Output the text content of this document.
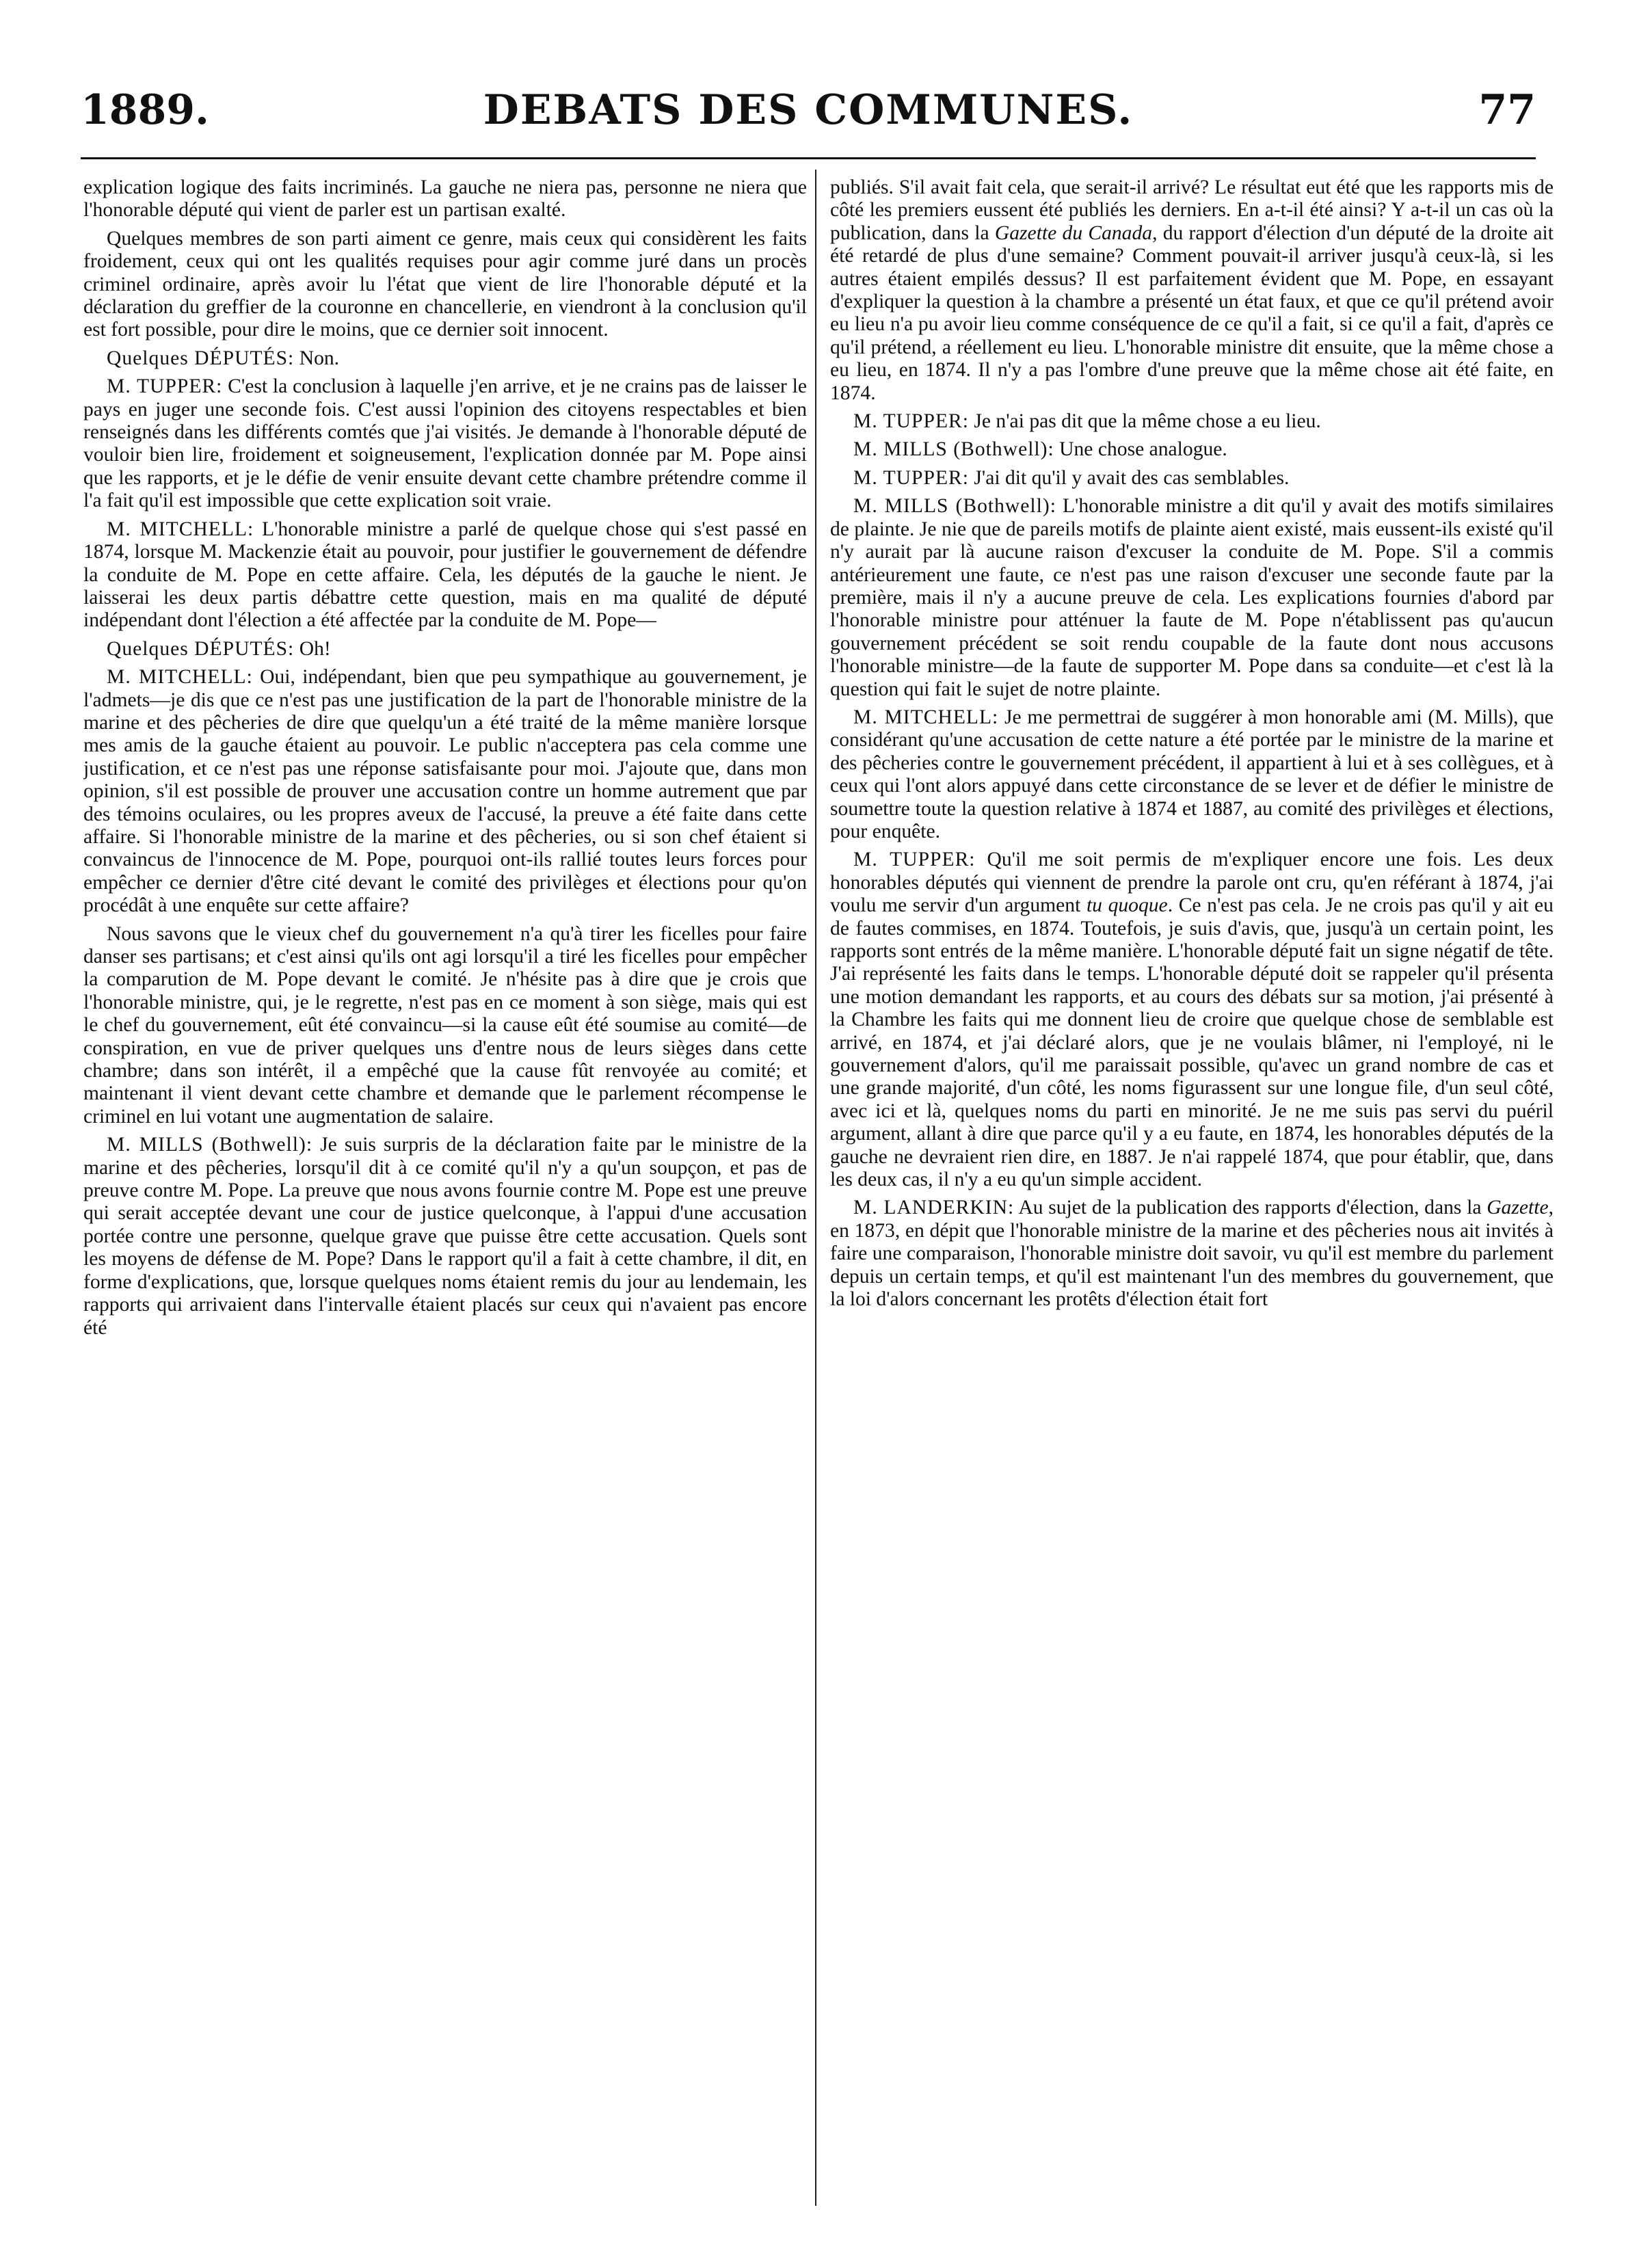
1889.	DEBATS DES COMMUNES.	77

explication logique des faits incriminés. La gauche ne niera pas, personne ne niera que l'honorable député qui vient de parler est un partisan exalté.

Quelques membres de son parti aiment ce genre, mais ceux qui considèrent les faits froidement, ceux qui ont les qualités requises pour agir comme juré dans un procès criminel ordinaire, après avoir lu l'état que vient de lire l'honorable député et la déclaration du greffier de la couronne en chancellerie, en viendront à la conclusion qu'il est fort possible, pour dire le moins, que ce dernier soit innocent.

Quelques DÉPUTÉS: Non.

M. TUPPER: C'est la conclusion à laquelle j'en arrive, et je ne crains pas de laisser le pays en juger une seconde fois. C'est aussi l'opinion des citoyens respectables et bien renseignés dans les différents comtés que j'ai visités. Je demande à l'honorable député de vouloir bien lire, froidement et soigneusement, l'explication donnée par M. Pope ainsi que les rapports, et je le défie de venir ensuite devant cette chambre prétendre comme il l'a fait qu'il est impossible que cette explication soit vraie.

M. MITCHELL: L'honorable ministre a parlé de quelque chose qui s'est passé en 1874, lorsque M. Mackenzie était au pouvoir, pour justifier le gouvernement de défendre la conduite de M. Pope en cette affaire. Cela, les députés de la gauche le nient. Je laisserai les deux partis débattre cette question, mais en ma qualité de député indépendant dont l'élection a été affectée par la conduite de M. Pope—

Quelques DÉPUTÉS: Oh!

M. MITCHELL: Oui, indépendant, bien que peu sympathique au gouvernement, je l'admets—je dis que ce n'est pas une justification de la part de l'honorable ministre de la marine et des pêcheries de dire que quelqu'un a été traité de la même manière lorsque mes amis de la gauche étaient au pouvoir. Le public n'acceptera pas cela comme une justification, et ce n'est pas une réponse satisfaisante pour moi. J'ajoute que, dans mon opinion, s'il est possible de prouver une accusation contre un homme autrement que par des témoins oculaires, ou les propres aveux de l'accusé, la preuve a été faite dans cette affaire. Si l'honorable ministre de la marine et des pêcheries, ou si son chef étaient si convaincus de l'innocence de M. Pope, pourquoi ont-ils rallié toutes leurs forces pour empêcher ce dernier d'être cité devant le comité des privilèges et élections pour qu'on procédât à une enquête sur cette affaire?

Nous savons que le vieux chef du gouvernement n'a qu'à tirer les ficelles pour faire danser ses partisans; et c'est ainsi qu'ils ont agi lorsqu'il a tiré les ficelles pour empêcher la comparution de M. Pope devant le comité. Je n'hésite pas à dire que je crois que l'honorable ministre, qui, je le regrette, n'est pas en ce moment à son siège, mais qui est le chef du gouvernement, eût été convaincu—si la cause eût été soumise au comité—de conspiration, en vue de priver quelques uns d'entre nous de leurs sièges dans cette chambre; dans son intérêt, il a empêché que la cause fût renvoyée au comité; et maintenant il vient devant cette chambre et demande que le parlement récompense le criminel en lui votant une augmentation de salaire.

M. MILLS (Bothwell): Je suis surpris de la déclaration faite par le ministre de la marine et des pêcheries, lorsqu'il dit à ce comité qu'il n'y a qu'un soupçon, et pas de preuve contre M. Pope. La preuve que nous avons fournie contre M. Pope est une preuve qui serait acceptée devant une cour de justice quelconque, à l'appui d'une accusation portée contre une personne, quelque grave que puisse être cette accusation. Quels sont les moyens de défense de M. Pope? Dans le rapport qu'il a fait à cette chambre, il dit, en forme d'explications, que, lorsque quelques noms étaient remis du jour au lendemain, les rapports qui arrivaient dans l'intervalle étaient placés sur ceux qui n'avaient pas encore été

publiés. S'il avait fait cela, que serait-il arrivé? Le résultat eut été que les rapports mis de côté les premiers eussent été publiés les derniers. En a-t-il été ainsi? Y a-t-il un cas où la publication, dans la Gazette du Canada, du rapport d'élection d'un député de la droite ait été retardé de plus d'une semaine? Comment pouvait-il arriver jusqu'à ceux-là, si les autres étaient empilés dessus? Il est parfaitement évident que M. Pope, en essayant d'expliquer la question à la chambre a présenté un état faux, et que ce qu'il prétend avoir eu lieu n'a pu avoir lieu comme conséquence de ce qu'il a fait, si ce qu'il a fait, d'après ce qu'il prétend, a réellement eu lieu. L'honorable ministre dit ensuite, que la même chose a eu lieu, en 1874. Il n'y a pas l'ombre d'une preuve que la même chose ait été faite, en 1874.

M. TUPPER: Je n'ai pas dit que la même chose a eu lieu.

M. MILLS (Bothwell): Une chose analogue.

M. TUPPER: J'ai dit qu'il y avait des cas semblables.

M. MILLS (Bothwell): L'honorable ministre a dit qu'il y avait des motifs similaires de plainte. Je nie que de pareils motifs de plainte aient existé, mais eussent-ils existé qu'il n'y aurait par là aucune raison d'excuser la conduite de M. Pope. S'il a commis antérieurement une faute, ce n'est pas une raison d'excuser une seconde faute par la première, mais il n'y a aucune preuve de cela. Les explications fournies d'abord par l'honorable ministre pour atténuer la faute de M. Pope n'établissent pas qu'aucun gouvernement précédent se soit rendu coupable de la faute dont nous accusons l'honorable ministre—de la faute de supporter M. Pope dans sa conduite—et c'est là la question qui fait le sujet de notre plainte.

M. MITCHELL: Je me permettrai de suggérer à mon honorable ami (M. Mills), que considérant qu'une accusation de cette nature a été portée par le ministre de la marine et des pêcheries contre le gouvernement précédent, il appartient à lui et à ses collègues, et à ceux qui l'ont alors appuyé dans cette circonstance de se lever et de défier le ministre de soumettre toute la question relative à 1874 et 1887, au comité des privilèges et élections, pour enquête.

M. TUPPER: Qu'il me soit permis de m'expliquer encore une fois. Les deux honorables députés qui viennent de prendre la parole ont cru, qu'en référant à 1874, j'ai voulu me servir d'un argument tu quoque. Ce n'est pas cela. Je ne crois pas qu'il y ait eu de fautes commises, en 1874. Toutefois, je suis d'avis, que, jusqu'à un certain point, les rapports sont entrés de la même manière. L'honorable député fait un signe négatif de tête. J'ai représenté les faits dans le temps. L'honorable député doit se rappeler qu'il présenta une motion demandant les rapports, et au cours des débats sur sa motion, j'ai présenté à la Chambre les faits qui me donnent lieu de croire que quelque chose de semblable est arrivé, en 1874, et j'ai déclaré alors, que je ne voulais blâmer, ni l'employé, ni le gouvernement d'alors, qu'il me paraissait possible, qu'avec un grand nombre de cas et une grande majorité, d'un côté, les noms figurassent sur une longue file, d'un seul côté, avec ici et là, quelques noms du parti en minorité. Je ne me suis pas servi du puéril argument, allant à dire que parce qu'il y a eu faute, en 1874, les honorables députés de la gauche ne devraient rien dire, en 1887. Je n'ai rappelé 1874, que pour établir, que, dans les deux cas, il n'y a eu qu'un simple accident.

M. LANDERKIN: Au sujet de la publication des rapports d'élection, dans la Gazette, en 1873, en dépit que l'honorable ministre de la marine et des pêcheries nous ait invités à faire une comparaison, l'honorable ministre doit savoir, vu qu'il est membre du parlement depuis un certain temps, et qu'il est maintenant l'un des membres du gouvernement, que la loi d'alors concernant les protêts d'élection était fort
